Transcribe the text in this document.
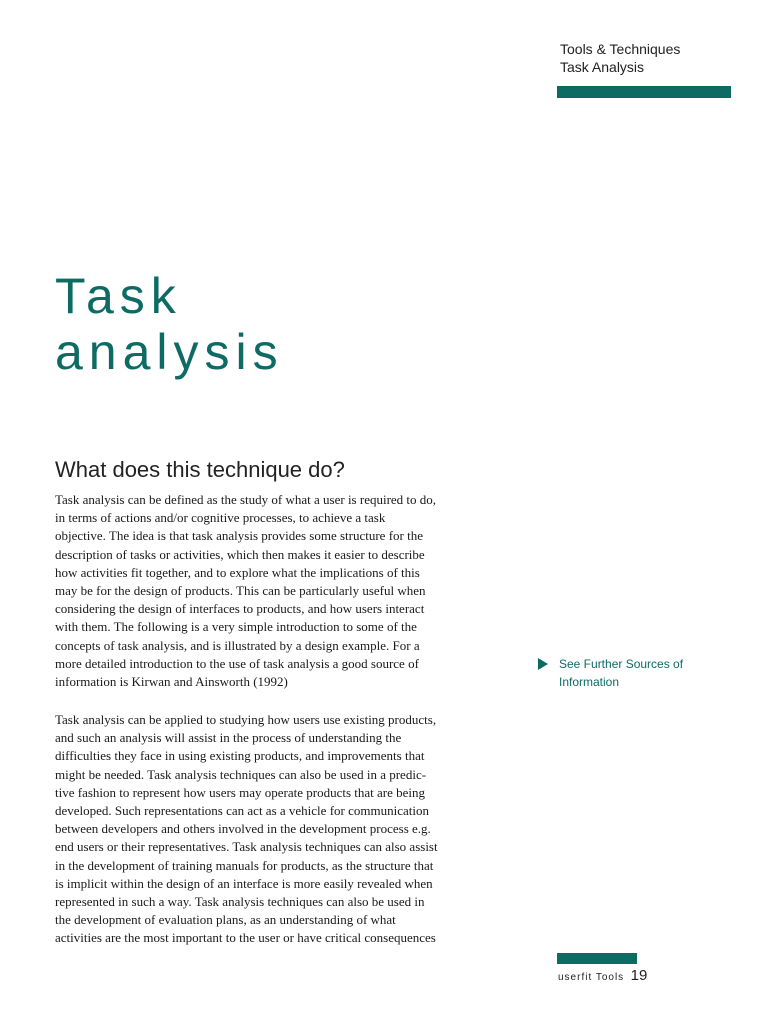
Tools & Techniques
Task Analysis
Task
analysis
What does this technique do?

Task analysis can be defined as the study of what a user is required to do,
in terms of actions and/or cognitive processes, to achieve a task
objective. The idea is that task analysis provides some structure for the
description of tasks or activities, which then makes it easier to describe
how activities fit together, and to explore what the implications of this
may be for the design of products. This can be particularly useful when
considering the design of interfaces to products, and how users interact
with them. The following is a very simple introduction to some of the
concepts of task analysis, and is illustrated by a design example. For a
more detailed introduction to the use of task analysis a good source of
information is Kirwan and Ainsworth (1992)

Task analysis can be applied to studying how users use existing products,
and such an analysis will assist in the process of understanding the
difficulties they face in using existing products, and improvements that
might be needed. Task analysis techniques can also be used in a predic-
tive fashion to represent how users may operate products that are being
developed. Such representations can act as a vehicle for communication
between developers and others involved in the development process e.g.
end users or their representatives. Task analysis techniques can also assist
in the development of training manuals for products, as the structure that
is implicit within the design of an interface is more easily revealed when
represented in such a way. Task analysis techniques can also be used in
the development of evaluation plans, as an understanding of what
activities are the most important to the user or have critical consequences

See Further Sources of
Information
userfit Tools 19
